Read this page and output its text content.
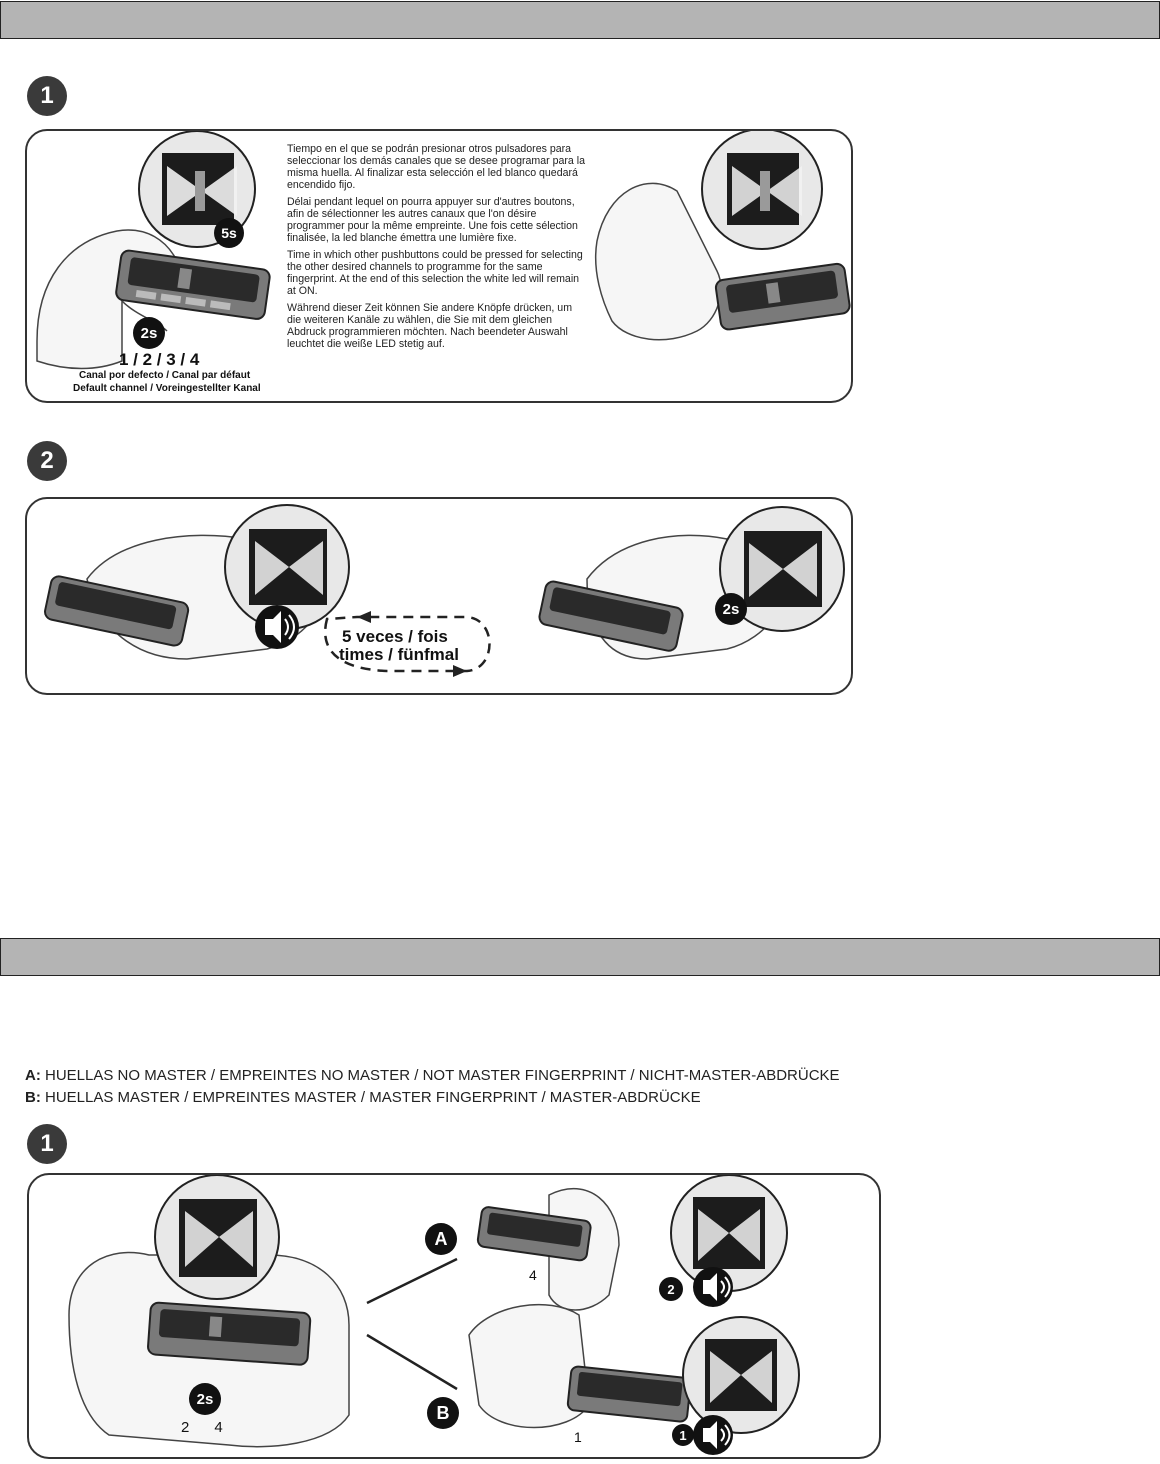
1
5s
2s
1 / 2 / 3 / 4
Canal por defecto / Canal par défaut
Default channel / Voreingestellter Kanal

Tiempo en el que se podrán presionar otros pulsadores para seleccionar los demás canales que se desee programar para la misma huella. Al finalizar esta selección el led blanco quedará encendido fijo.

Délai pendant lequel on pourra appuyer sur d'autres boutons, afin de sélectionner les autres canaux que l'on désire programmer pour la même empreinte. Une fois cette sélection finalisée, la led blanche émettra une lumière fixe.

Time in which other pushbuttons could be pressed for selecting the other desired channels to programme for the same fingerprint. At the end of this selection the white led will remain at ON.

Während dieser Zeit können Sie andere Knöpfe drücken, um die weiteren Kanäle zu wählen, die Sie mit dem gleichen Abdruck programmieren möchten. Nach beendeter Auswahl leuchtet die weiße LED stetig auf.

2
5 veces / fois
times / fünfmal
2s
A: HUELLAS NO MASTER / EMPREINTES NO MASTER / NOT MASTER FINGERPRINT / NICHT-MASTER-ABDRÜCKE
B: HUELLAS MASTER / EMPREINTES MASTER / MASTER FINGERPRINT / MASTER-ABDRÜCKE
1
2s
2      4
A
B
4
1
2
1
